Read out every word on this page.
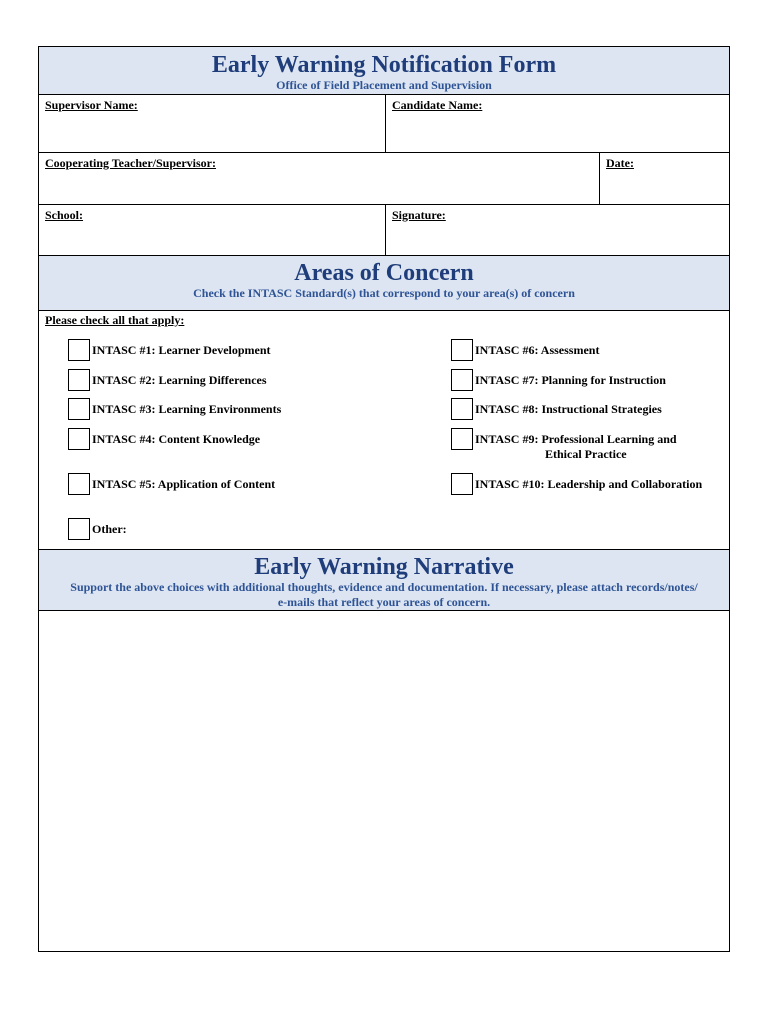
Early Warning Notification Form

Office of Field Placement and Supervision

Supervisor Name:	Candidate Name:
Cooperating Teacher/Supervisor:	Date:
School:	Signature:

Areas of Concern

Check the INTASC Standard(s) that correspond to your area(s) of concern

Please check all that apply:
INTASC #1: Learner Development
INTASC #2: Learning Differences
INTASC #3: Learning Environments
INTASC #4: Content Knowledge
INTASC #5: Application of Content
INTASC #6: Assessment
INTASC #7: Planning for Instruction
INTASC #8: Instructional Strategies
INTASC #9: Professional Learning and
Ethical Practice
INTASC #10: Leadership and Collaboration
Other:

Early Warning Narrative

Support the above choices with additional thoughts, evidence and documentation. If necessary, please attach records/notes/

e-mails that reflect your areas of concern.
